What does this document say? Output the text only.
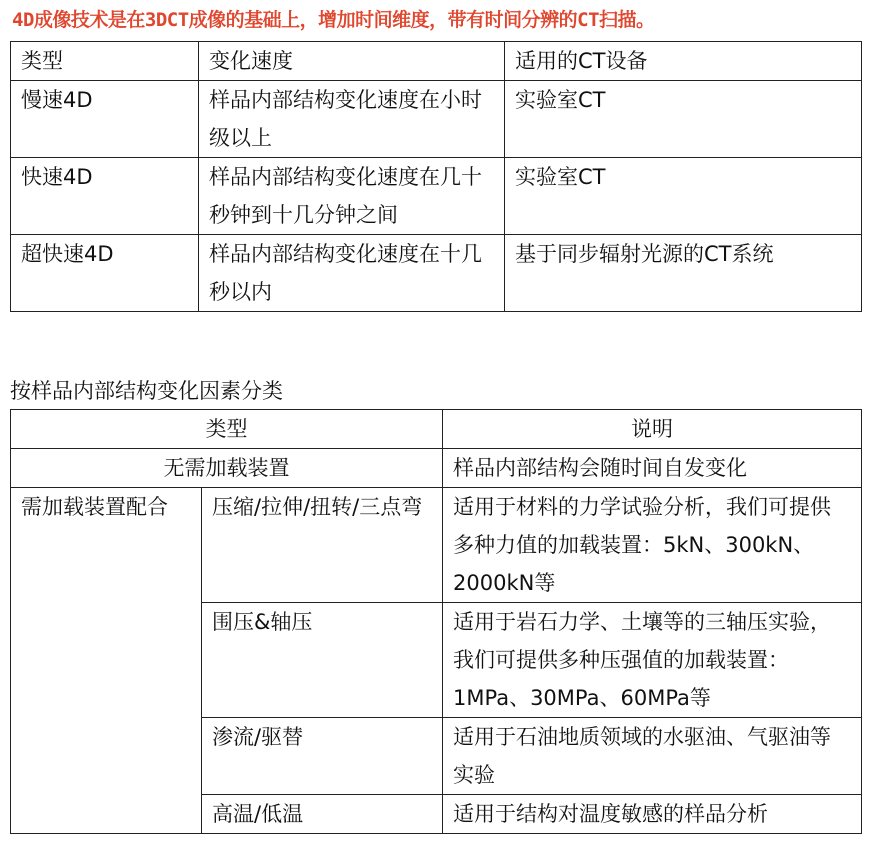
4D成像技术是在3DCT成像的基础上，增加时间维度，带有时间分辨的CT扫描。
类型	变化速度	适用的CT设备
慢速4D	样品内部结构变化速度在小时级以上	实验室CT
快速4D	样品内部结构变化速度在几十秒钟到十几分钟之间	实验室CT
超快速4D	样品内部结构变化速度在十几秒以内	基于同步辐射光源的CT系统
按样品内部结构变化因素分类
类型		说明
无需加载装置		样品内部结构会随时间自发变化
需加载装置配合	压缩/拉伸/扭转/三点弯	适用于材料的力学试验分析，我们可提供多种力值的加载装置：5kN、300kN、2000kN等
	围压&轴压	适用于岩石力学、土壤等的三轴压实验，我们可提供多种压强值的加载装置：1MPa、30MPa、60MPa等
	渗流/驱替	适用于石油地质领域的水驱油、气驱油等实验
	高温/低温	适用于结构对温度敏感的样品分析
